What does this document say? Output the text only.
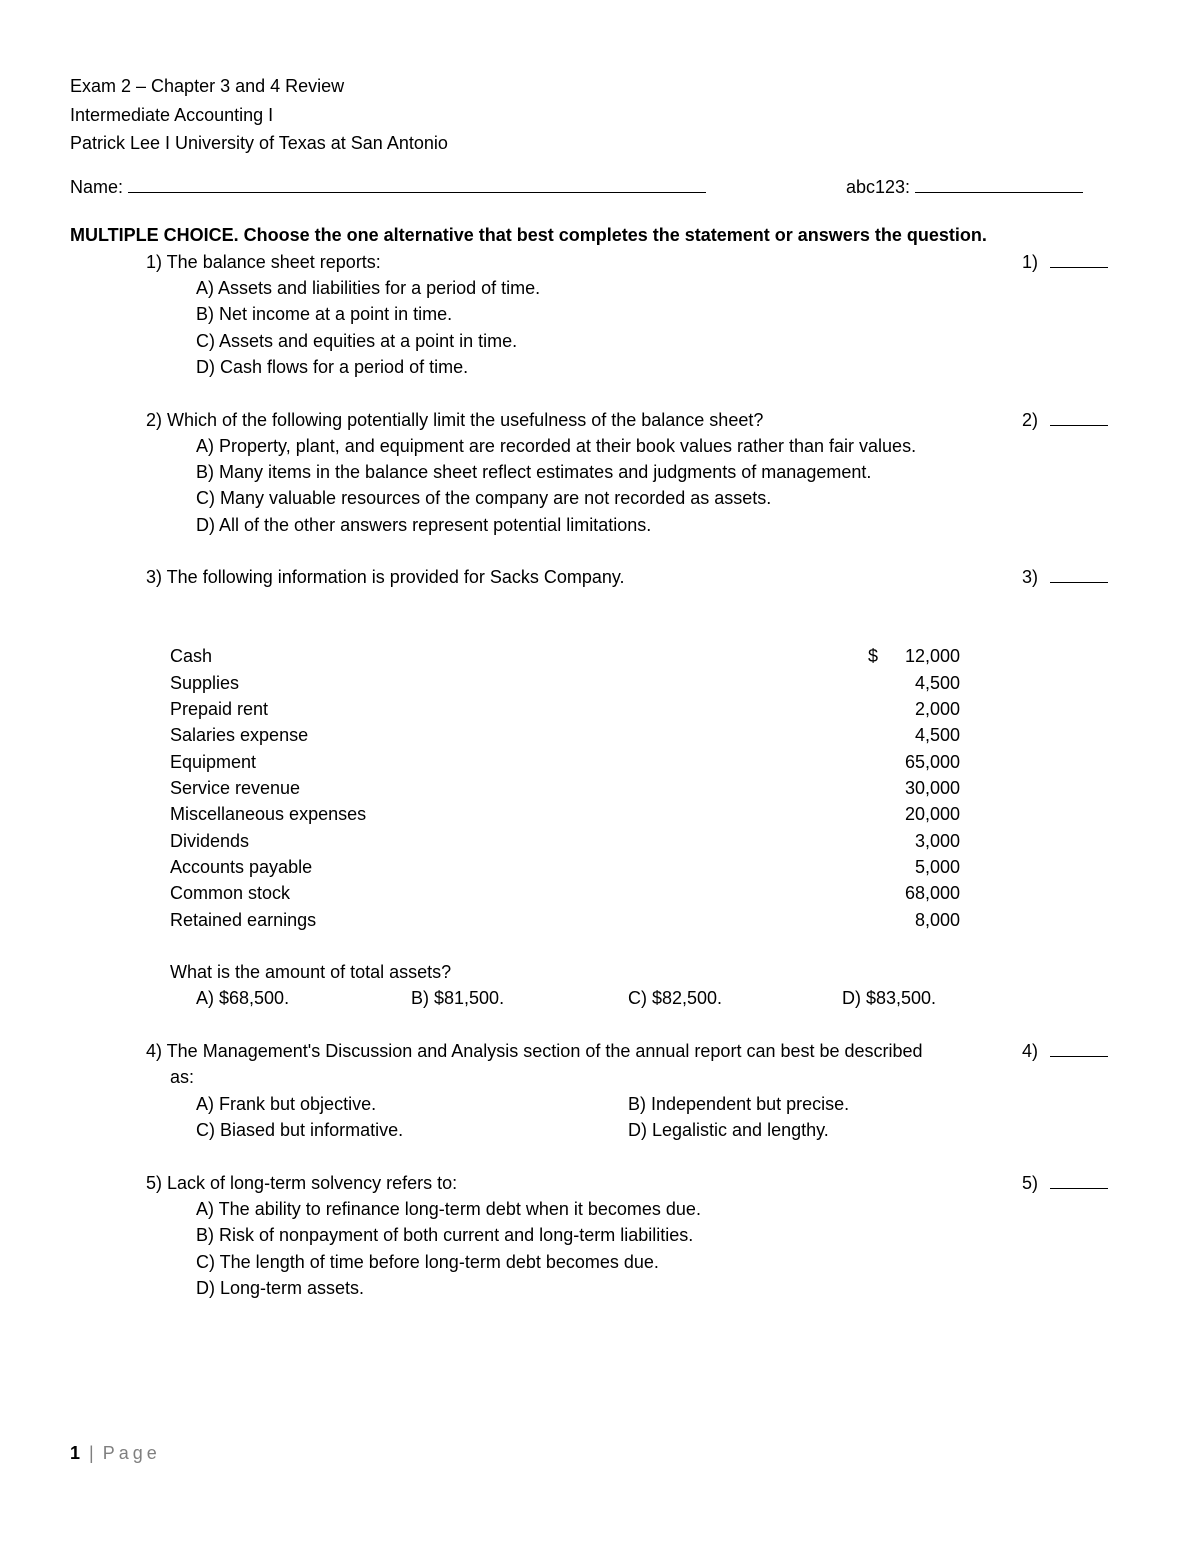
Exam 2 – Chapter 3 and 4 Review
Intermediate Accounting I
Patrick Lee I University of Texas at San Antonio
Name:	abc123:
MULTIPLE CHOICE. Choose the one alternative that best completes the statement or answers the question.
1) The balance sheet reports:	1)
A) Assets and liabilities for a period of time.
B) Net income at a point in time.
C) Assets and equities at a point in time.
D) Cash flows for a period of time.
2) Which of the following potentially limit the usefulness of the balance sheet?	2)
A) Property, plant, and equipment are recorded at their book values rather than fair values.
B) Many items in the balance sheet reflect estimates and judgments of management.
C) Many valuable resources of the company are not recorded as assets.
D) All of the other answers represent potential limitations.
3) The following information is provided for Sacks Company.	3)
Cash	$	12,000
Supplies	4,500
Prepaid rent	2,000
Salaries expense	4,500
Equipment	65,000
Service revenue	30,000
Miscellaneous expenses	20,000
Dividends	3,000
Accounts payable	5,000
Common stock	68,000
Retained earnings	8,000
What is the amount of total assets?
A) $68,500.	B) $81,500.	C) $82,500.	D) $83,500.
4) The Management's Discussion and Analysis section of the annual report can best be described
as:
4)
A) Frank but objective.	B) Independent but precise.
C) Biased but informative.	D) Legalistic and lengthy.
5) Lack of long-term solvency refers to:	5)
A) The ability to refinance long-term debt when it becomes due.
B) Risk of nonpayment of both current and long-term liabilities.
C) The length of time before long-term debt becomes due.
D) Long-term assets.
1 | Page
